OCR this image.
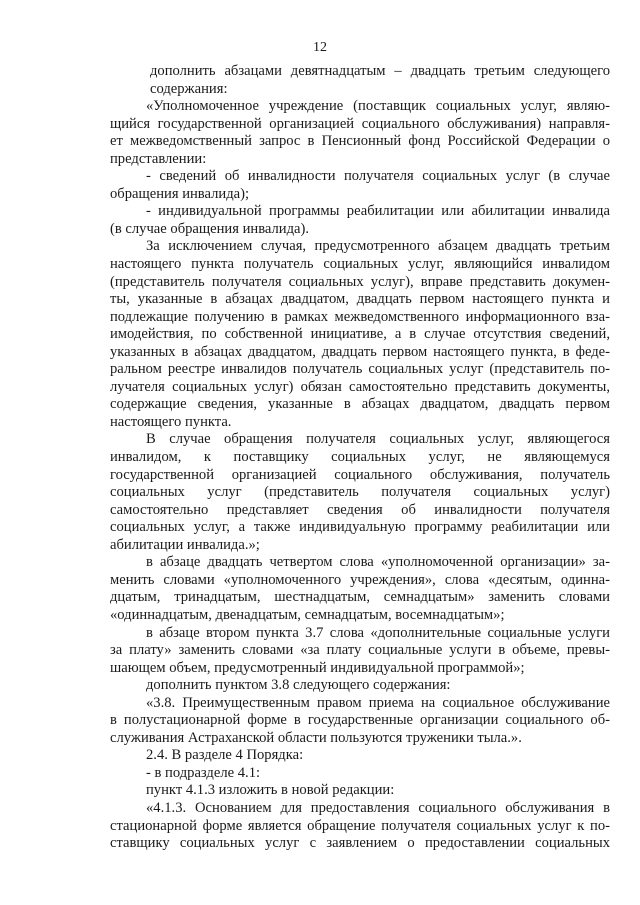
12
дополнить абзацами девятнадцатым – двадцать третьим следующего
содержания:
«Уполномоченное учреждение (поставщик социальных услуг, являю-
щийся государственной организацией социального обслуживания) направля-
ет межведомственный запрос в Пенсионный фонд Российской Федерации о
представлении:
- сведений об инвалидности получателя социальных услуг (в случае
обращения инвалида);
- индивидуальной программы реабилитации или абилитации инвалида
(в случае обращения инвалида).
За исключением случая, предусмотренного абзацем двадцать третьим
настоящего пункта получатель социальных услуг, являющийся инвалидом
(представитель получателя социальных услуг), вправе представить докумен-
ты, указанные в абзацах двадцатом, двадцать первом настоящего пункта и
подлежащие получению в рамках межведомственного информационного вза-
имодействия, по собственной инициативе, а в случае отсутствия сведений,
указанных в абзацах двадцатом, двадцать первом настоящего пункта, в феде-
ральном реестре инвалидов получатель социальных услуг (представитель по-
лучателя социальных услуг) обязан самостоятельно представить документы,
содержащие сведения, указанные в абзацах двадцатом, двадцать первом
настоящего пункта.
В случае обращения получателя социальных услуг, являющегося
инвалидом, к поставщику социальных услуг, не являющемуся
государственной организацией социального обслуживания, получатель
социальных услуг (представитель получателя социальных услуг)
самостоятельно представляет сведения об инвалидности получателя
социальных услуг, а также индивидуальную программу реабилитации или
абилитации инвалида.»;
в абзаце двадцать четвертом слова «уполномоченной организации» за-
менить словами «уполномоченного учреждения», слова «десятым, одинна-
дцатым, тринадцатым, шестнадцатым, семнадцатым» заменить словами
«одиннадцатым, двенадцатым, семнадцатым, восемнадцатым»;
в абзаце втором пункта 3.7 слова «дополнительные социальные услуги
за плату» заменить словами «за плату социальные услуги в объеме, превы-
шающем объем, предусмотренный индивидуальной программой»;
дополнить пунктом 3.8 следующего содержания:
«3.8. Преимущественным правом приема на социальное обслуживание
в полустационарной форме в государственные организации социального об-
служивания Астраханской области пользуются труженики тыла.».
2.4. В разделе 4 Порядка:
- в подразделе 4.1:
пункт 4.1.3 изложить в новой редакции:
«4.1.3. Основанием для предоставления социального обслуживания в
стационарной форме является обращение получателя социальных услуг к по-
ставщику социальных услуг с заявлением о предоставлении социальных
